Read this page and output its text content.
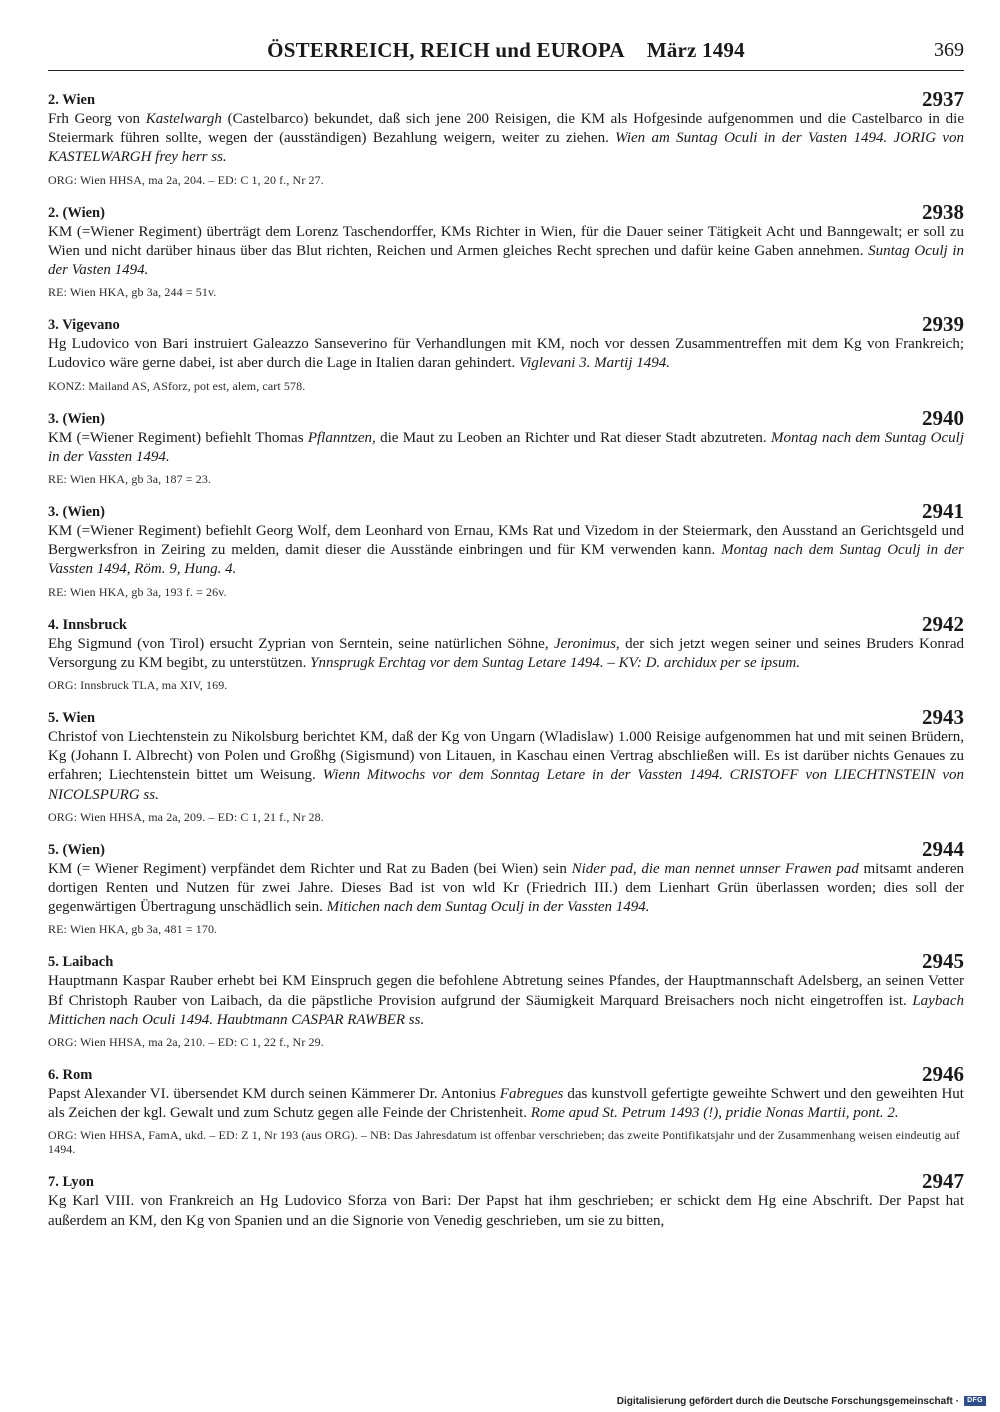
ÖSTERREICH, REICH und EUROPA März 1494	369
2. Wien	2937
Frh Georg von Kastelwargh (Castelbarco) bekundet, daß sich jene 200 Reisigen, die KM als Hofgesinde aufgenommen und die Castelbarco in die Steiermark führen sollte, wegen der (ausständigen) Bezahlung weigern, weiter zu ziehen. Wien am Suntag Oculi in der Vasten 1494. JORIG von KASTELWARGH frey herr ss.
ORG: Wien HHSA, ma 2a, 204. – ED: C 1, 20 f., Nr 27.
2. (Wien)	2938
KM (=Wiener Regiment) überträgt dem Lorenz Taschendorffer, KMs Richter in Wien, für die Dauer seiner Tätigkeit Acht und Banngewalt; er soll zu Wien und nicht darüber hinaus über das Blut richten, Reichen und Armen gleiches Recht sprechen und dafür keine Gaben annehmen. Suntag Oculj in der Vasten 1494.
RE: Wien HKA, gb 3a, 244 = 51v.
3. Vigevano	2939
Hg Ludovico von Bari instruiert Galeazzo Sanseverino für Verhandlungen mit KM, noch vor dessen Zusammentreffen mit dem Kg von Frankreich; Ludovico wäre gerne dabei, ist aber durch die Lage in Italien daran gehindert. Viglevani 3. Martij 1494.
KONZ: Mailand AS, ASforz, pot est, alem, cart 578.
3. (Wien)	2940
KM (=Wiener Regiment) befiehlt Thomas Pflanntzen, die Maut zu Leoben an Richter und Rat dieser Stadt abzutreten. Montag nach dem Suntag Oculj in der Vassten 1494.
RE: Wien HKA, gb 3a, 187 = 23.
3. (Wien)	2941
KM (=Wiener Regiment) befiehlt Georg Wolf, dem Leonhard von Ernau, KMs Rat und Vizedom in der Steiermark, den Ausstand an Gerichtsgeld und Bergwerksfron in Zeiring zu melden, damit dieser die Ausstände einbringen und für KM verwenden kann. Montag nach dem Suntag Oculj in der Vassten 1494, Röm. 9, Hung. 4.
RE: Wien HKA, gb 3a, 193 f. = 26v.
4. Innsbruck	2942
Ehg Sigmund (von Tirol) ersucht Zyprian von Serntein, seine natürlichen Söhne, Jeronimus, der sich jetzt wegen seiner und seines Bruders Konrad Versorgung zu KM begibt, zu unterstützen. Ynnsprugk Erchtag vor dem Suntag Letare 1494. – KV: D. archidux per se ipsum.
ORG: Innsbruck TLA, ma XIV, 169.
5. Wien	2943
Christof von Liechtenstein zu Nikolsburg berichtet KM, daß der Kg von Ungarn (Wladislaw) 1.000 Reisige aufgenommen hat und mit seinen Brüdern, Kg (Johann I. Albrecht) von Polen und Großhg (Sigismund) von Litauen, in Kaschau einen Vertrag abschließen will. Es ist darüber nichts Genaues zu erfahren; Liechtenstein bittet um Weisung. Wienn Mitwochs vor dem Sonntag Letare in der Vassten 1494. CRISTOFF von LIECHTNSTEIN von NICOLSPURG ss.
ORG: Wien HHSA, ma 2a, 209. – ED: C 1, 21 f., Nr 28.
5. (Wien)	2944
KM (= Wiener Regiment) verpfändet dem Richter und Rat zu Baden (bei Wien) sein Nider pad, die man nennet unnser Frawen pad mitsamt anderen dortigen Renten und Nutzen für zwei Jahre. Dieses Bad ist von wld Kr (Friedrich III.) dem Lienhart Grün überlassen worden; dies soll der gegenwärtigen Übertragung unschädlich sein. Mitichen nach dem Suntag Oculj in der Vassten 1494.
RE: Wien HKA, gb 3a, 481 = 170.
5. Laibach	2945
Hauptmann Kaspar Rauber erhebt bei KM Einspruch gegen die befohlene Abtretung seines Pfandes, der Hauptmannschaft Adelsberg, an seinen Vetter Bf Christoph Rauber von Laibach, da die päpstliche Provision aufgrund der Säumigkeit Marquard Breisachers noch nicht eingetroffen ist. Laybach Mittichen nach Oculi 1494. Haubtmann CASPAR RAWBER ss.
ORG: Wien HHSA, ma 2a, 210. – ED: C 1, 22 f., Nr 29.
6. Rom	2946
Papst Alexander VI. übersendet KM durch seinen Kämmerer Dr. Antonius Fabregues das kunstvoll gefertigte geweihte Schwert und den geweihten Hut als Zeichen der kgl. Gewalt und zum Schutz gegen alle Feinde der Christenheit. Rome apud St. Petrum 1493 (!), pridie Nonas Martii, pont. 2.
ORG: Wien HHSA, FamA, ukd. – ED: Z 1, Nr 193 (aus ORG). – NB: Das Jahresdatum ist offenbar verschrieben; das zweite Pontifikatsjahr und der Zusammenhang weisen eindeutig auf 1494.
7. Lyon	2947
Kg Karl VIII. von Frankreich an Hg Ludovico Sforza von Bari: Der Papst hat ihm geschrieben; er schickt dem Hg eine Abschrift. Der Papst hat außerdem an KM, den Kg von Spanien und an die Signorie von Venedig geschrieben, um sie zu bitten,
Digitalisierung gefördert durch die Deutsche Forschungsgemeinschaft ·	DFG
